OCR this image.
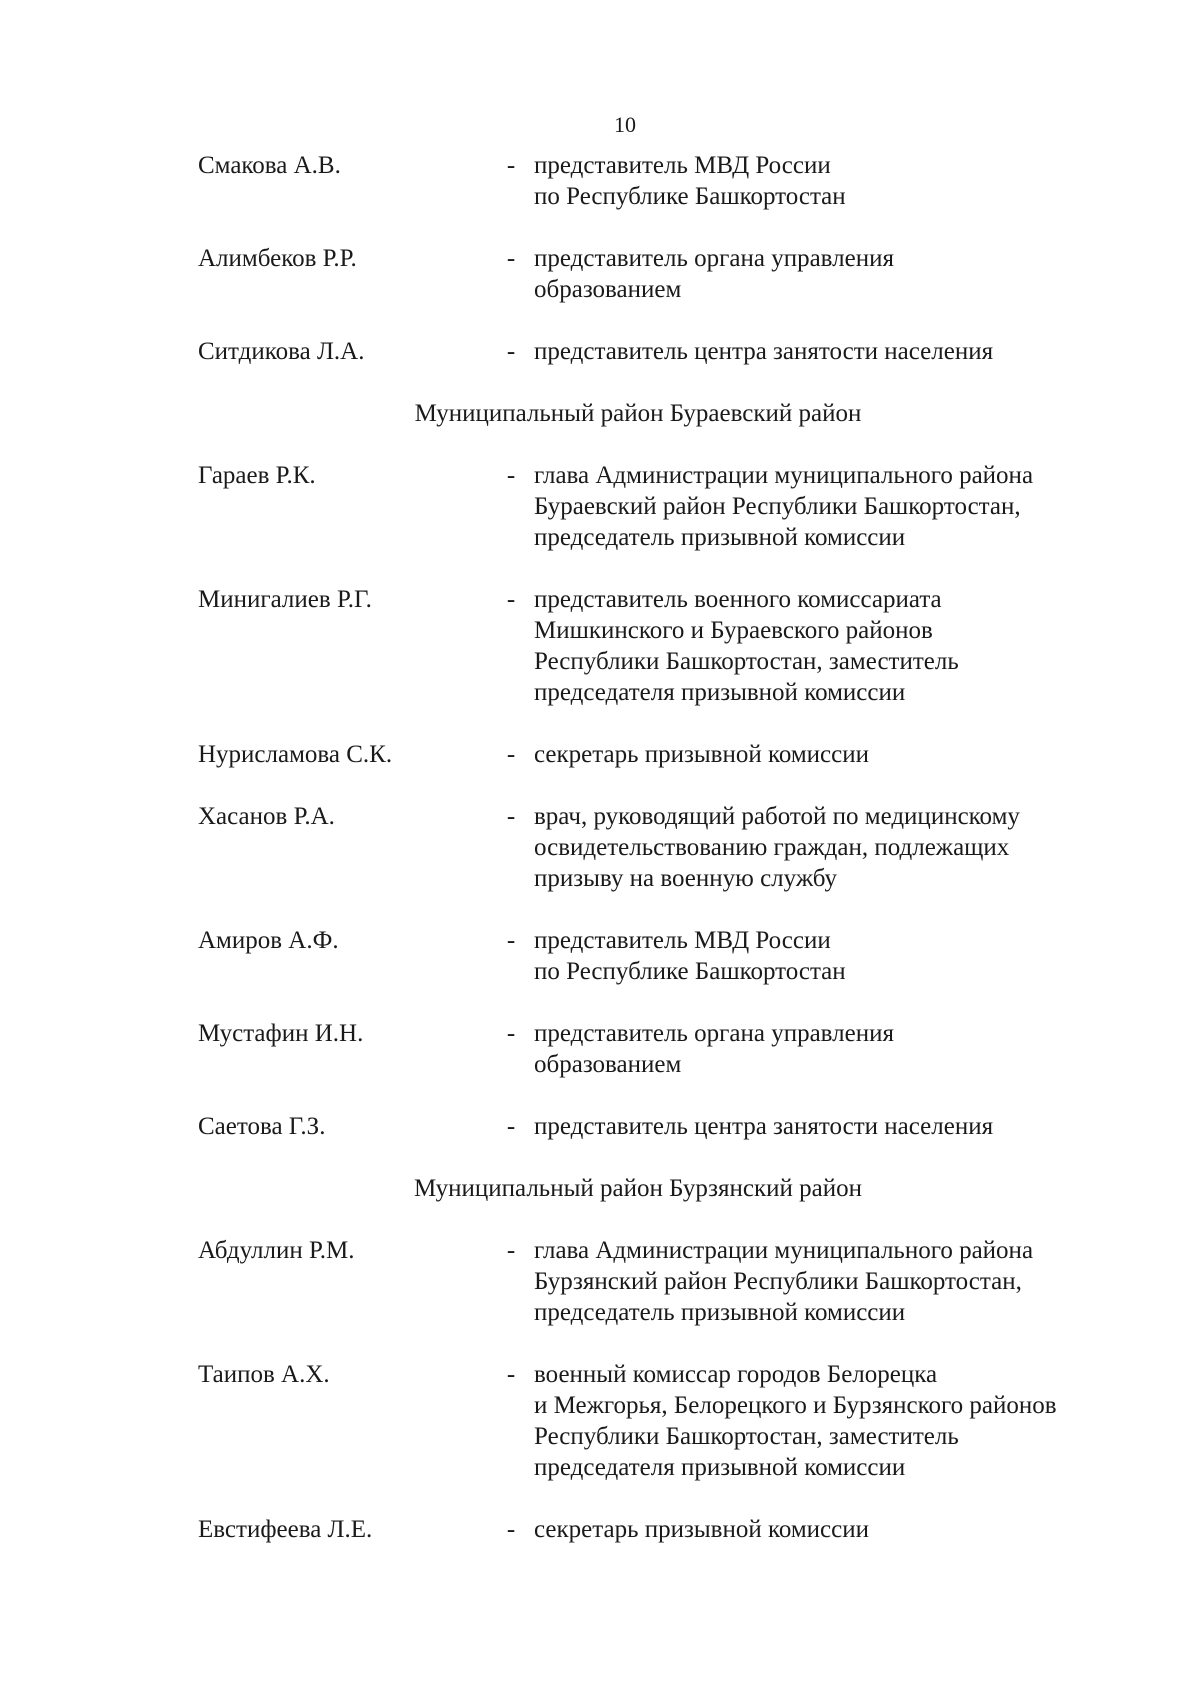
10
Смакова А.В.	- представитель МВД России
по Республике Башкортостан
Алимбеков Р.Р.	- представитель органа управления
образованием
Ситдикова Л.А.	- представитель центра занятости населения
Муниципальный район Бураевский район
Гараев Р.К.	- глава Администрации муниципального района
Бураевский район Республики Башкортостан,
председатель призывной комиссии
Минигалиев Р.Г.	- представитель военного комиссариата
Мишкинского и Бураевского районов
Республики Башкортостан, заместитель
председателя призывной комиссии
Нурисламова С.К.	- секретарь призывной комиссии
Хасанов Р.А.	- врач, руководящий работой по медицинскому
освидетельствованию граждан, подлежащих
призыву на военную службу
Амиров А.Ф.	- представитель МВД России
по Республике Башкортостан
Мустафин И.Н.	- представитель органа управления
образованием
Саетова Г.З.	- представитель центра занятости населения
Муниципальный район Бурзянский район
Абдуллин Р.М.	- глава Администрации муниципального района
Бурзянский район Республики Башкортостан,
председатель призывной комиссии
Таипов А.Х.	- военный комиссар городов Белорецка
и Межгорья, Белорецкого и Бурзянского районов
Республики Башкортостан, заместитель
председателя призывной комиссии
Евстифеева Л.Е.	- секретарь призывной комиссии
